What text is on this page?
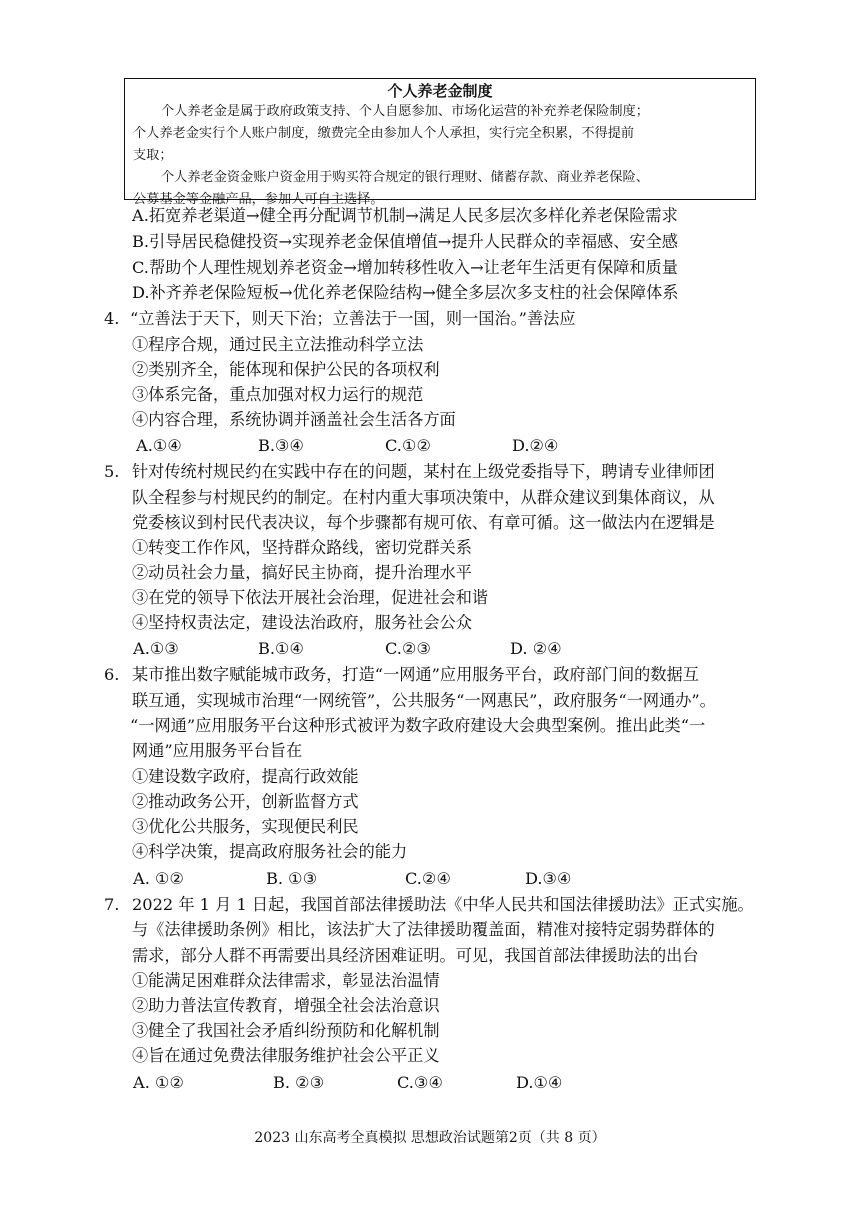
个人养老金制度
个人养老金是属于政府政策支持、个人自愿参加、市场化运营的补充养老保险制度；
个人养老金实行个人账户制度，缴费完全由参加人个人承担，实行完全积累，不得提前
支取；
个人养老金资金账户资金用于购买符合规定的银行理财、储蓄存款、商业养老保险、
公募基金等金融产品，参加人可自主选择。
A.拓宽养老渠道→健全再分配调节机制→满足人民多层次多样化养老保险需求
B.引导居民稳健投资→实现养老金保值增值→提升人民群众的幸福感、安全感
C.帮助个人理性规划养老资金→增加转移性收入→让老年生活更有保障和质量
D.补齐养老保险短板→优化养老保险结构→健全多层次多支柱的社会保障体系
4. “立善法于天下，则天下治；立善法于一国，则一国治。”善法应
①程序合规，通过民主立法推动科学立法
②类别齐全，能体现和保护公民的各项权利
③体系完备，重点加强对权力运行的规范
④内容合理，系统协调并涵盖社会生活各方面
A.①④	B.③④	C.①②	D.②④
5. 针对传统村规民约在实践中存在的问题，某村在上级党委指导下，聘请专业律师团
队全程参与村规民约的制定。在村内重大事项决策中，从群众建议到集体商议，从
党委核议到村民代表决议，每个步骤都有规可依、有章可循。这一做法内在逻辑是
①转变工作作风，坚持群众路线，密切党群关系
②动员社会力量，搞好民主协商，提升治理水平
③在党的领导下依法开展社会治理，促进社会和谐
④坚持权责法定，建设法治政府，服务社会公众
A.①③	B.①④	C.②③	D. ②④
6. 某市推出数字赋能城市政务，打造“一网通”应用服务平台，政府部门间的数据互
联互通，实现城市治理“一网统管”，公共服务“一网惠民”，政府服务“一网通办”。
“一网通”应用服务平台这种形式被评为数字政府建设大会典型案例。推出此类“一
网通”应用服务平台旨在
①建设数字政府，提高行政效能
②推动政务公开，创新监督方式
③优化公共服务，实现便民利民
④科学决策，提高政府服务社会的能力
A. ①②	B. ①③	C.②④	D.③④
7. 2022 年 1 月 1 日起，我国首部法律援助法《中华人民共和国法律援助法》正式实施。
与《法律援助条例》相比，该法扩大了法律援助覆盖面，精准对接特定弱势群体的
需求，部分人群不再需要出具经济困难证明。可见，我国首部法律援助法的出台
①能满足困难群众法律需求，彰显法治温情
②助力普法宣传教育，增强全社会法治意识
③健全了我国社会矛盾纠纷预防和化解机制
④旨在通过免费法律服务维护社会公平正义
A. ①②	B. ②③	C.③④	D.①④
2023 山东高考全真模拟 思想政治试题第2页（共 8 页）
